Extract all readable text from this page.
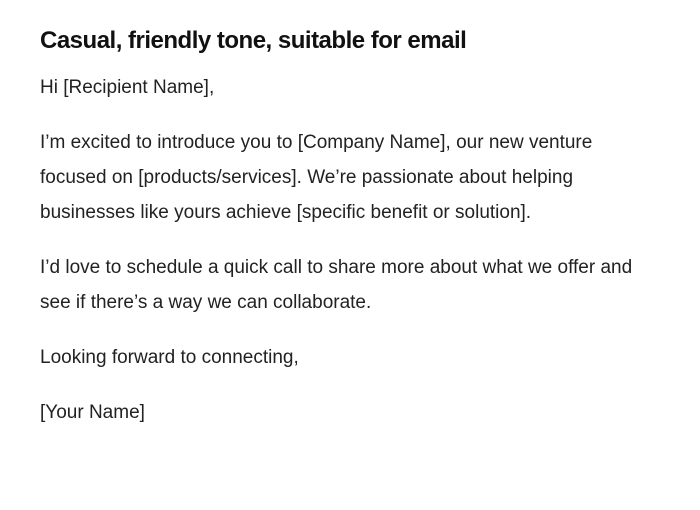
Casual, friendly tone, suitable for email

Hi [Recipient Name],

I’m excited to introduce you to [Company Name], our new venture focused on [products/services]. We’re passionate about helping businesses like yours achieve [specific benefit or solution].

I’d love to schedule a quick call to share more about what we offer and see if there’s a way we can collaborate.

Looking forward to connecting,

[Your Name]
